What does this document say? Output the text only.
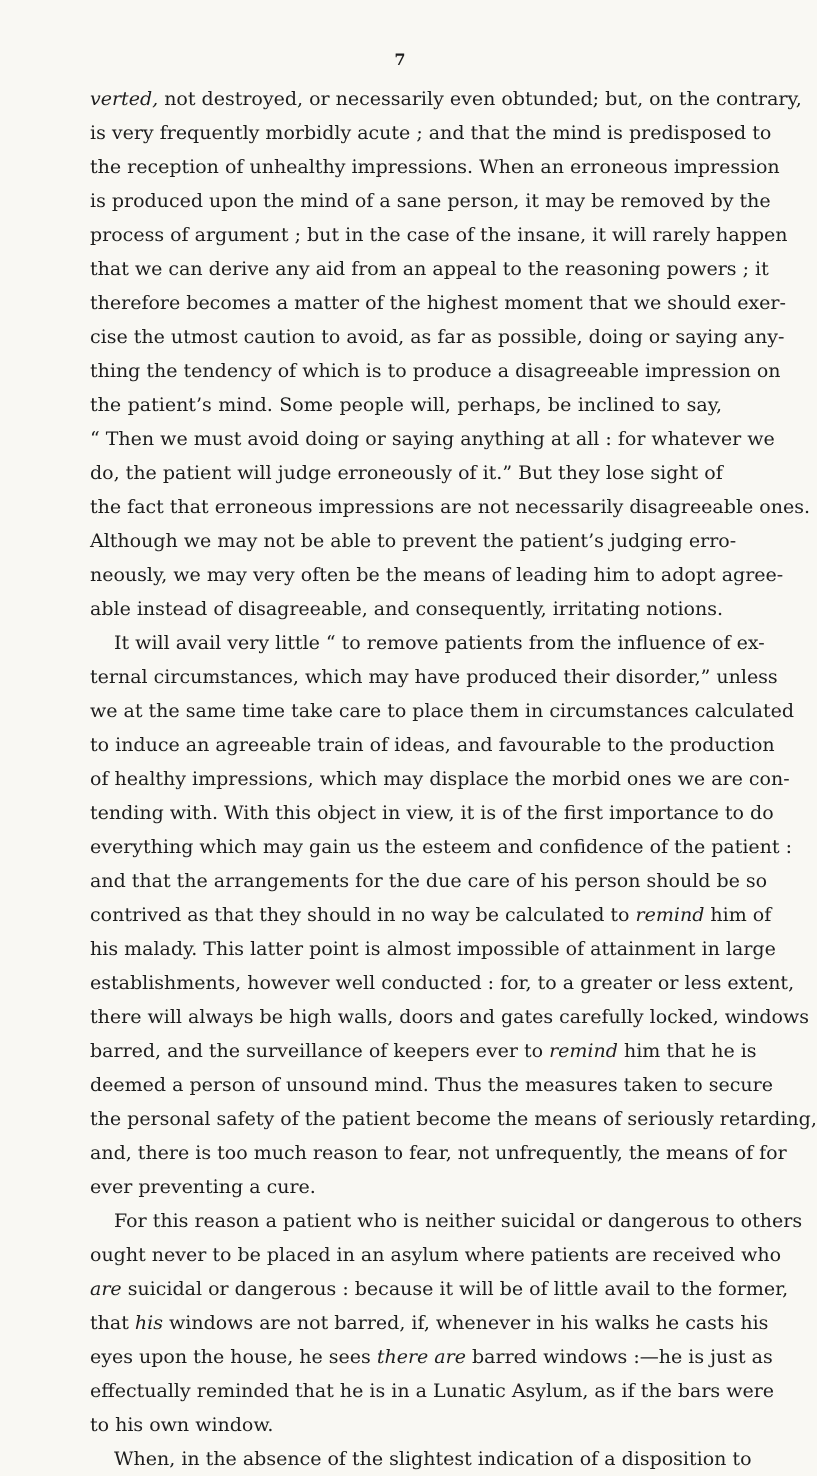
7
verted, not destroyed, or necessarily even obtunded; but, on the contrary,
is very frequently morbidly acute ; and that the mind is predisposed to
the reception of unhealthy impressions. When an erroneous impression
is produced upon the mind of a sane person, it may be removed by the
process of argument ; but in the case of the insane, it will rarely happen
that we can derive any aid from an appeal to the reasoning powers ; it
therefore becomes a matter of the highest moment that we should exer-
cise the utmost caution to avoid, as far as possible, doing or saying any-
thing the tendency of which is to produce a disagreeable impression on
the patient’s mind. Some people will, perhaps, be inclined to say,
“ Then we must avoid doing or saying anything at all : for whatever we
do, the patient will judge erroneously of it.” But they lose sight of
the fact that erroneous impressions are not necessarily disagreeable ones.
Although we may not be able to prevent the patient’s judging erro-
neously, we may very often be the means of leading him to adopt agree-
able instead of disagreeable, and consequently, irritating notions.
It will avail very little “ to remove patients from the influence of ex-
ternal circumstances, which may have produced their disorder,” unless
we at the same time take care to place them in circumstances calculated
to induce an agreeable train of ideas, and favourable to the production
of healthy impressions, which may displace the morbid ones we are con-
tending with. With this object in view, it is of the first importance to do
everything which may gain us the esteem and confidence of the patient :
and that the arrangements for the due care of his person should be so
contrived as that they should in no way be calculated to remind him of
his malady. This latter point is almost impossible of attainment in large
establishments, however well conducted : for, to a greater or less extent,
there will always be high walls, doors and gates carefully locked, windows
barred, and the surveillance of keepers ever to remind him that he is
deemed a person of unsound mind. Thus the measures taken to secure
the personal safety of the patient become the means of seriously retarding,
and, there is too much reason to fear, not unfrequently, the means of for
ever preventing a cure.
For this reason a patient who is neither suicidal or dangerous to others
ought never to be placed in an asylum where patients are received who
are suicidal or dangerous : because it will be of little avail to the former,
that his windows are not barred, if, whenever in his walks he casts his
eyes upon the house, he sees there are barred windows :—he is just as
effectually reminded that he is in a Lunatic Asylum, as if the bars were
to his own window.
When, in the absence of the slightest indication of a disposition to
